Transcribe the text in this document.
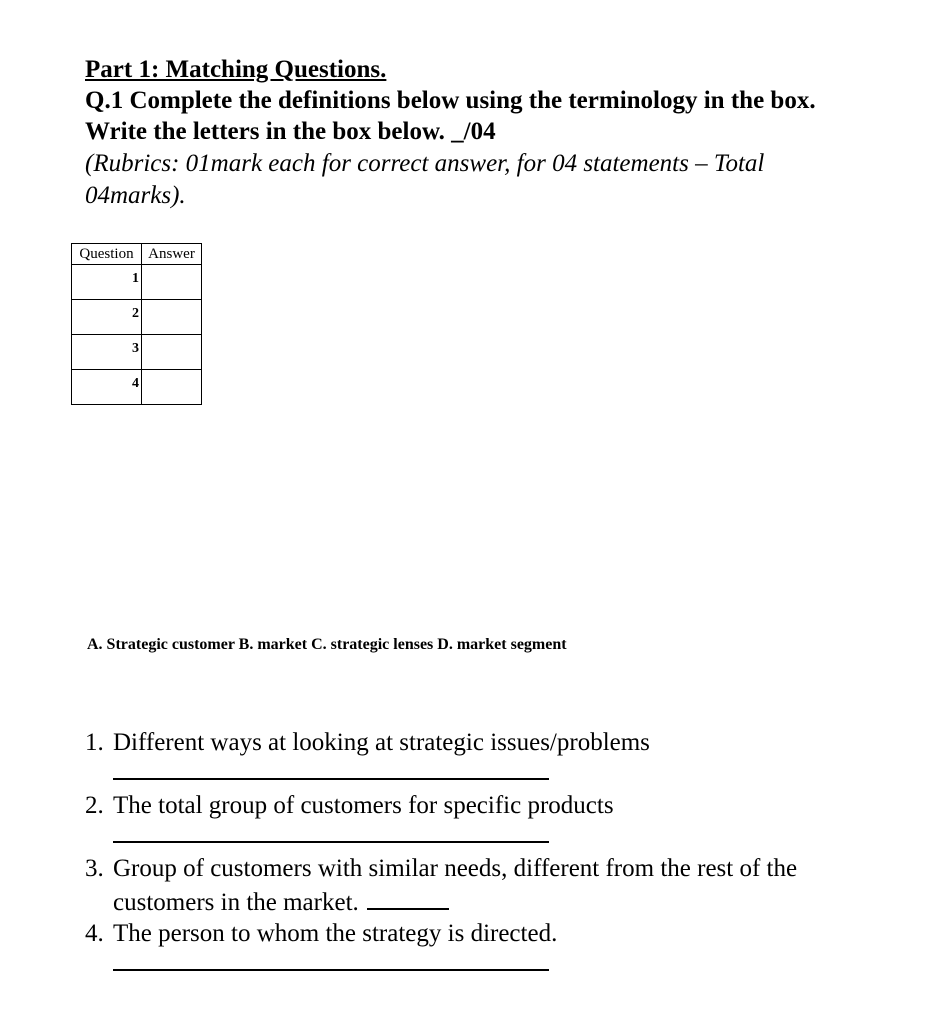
Part 1: Matching Questions.
Q.1 Complete the definitions below using the terminology in the box. Write the letters in the box below. _/04
(Rubrics: 01mark each for correct answer, for 04 statements – Total 04marks).
Question	Answer
1	
2	
3	
4	
A. Strategic customer B. market C. strategic lenses D. market segment
1. Different ways at looking at strategic issues/problems
2. The total group of customers for specific products
3. Group of customers with similar needs, different from the rest of the customers in the market.
4. The person to whom the strategy is directed.
